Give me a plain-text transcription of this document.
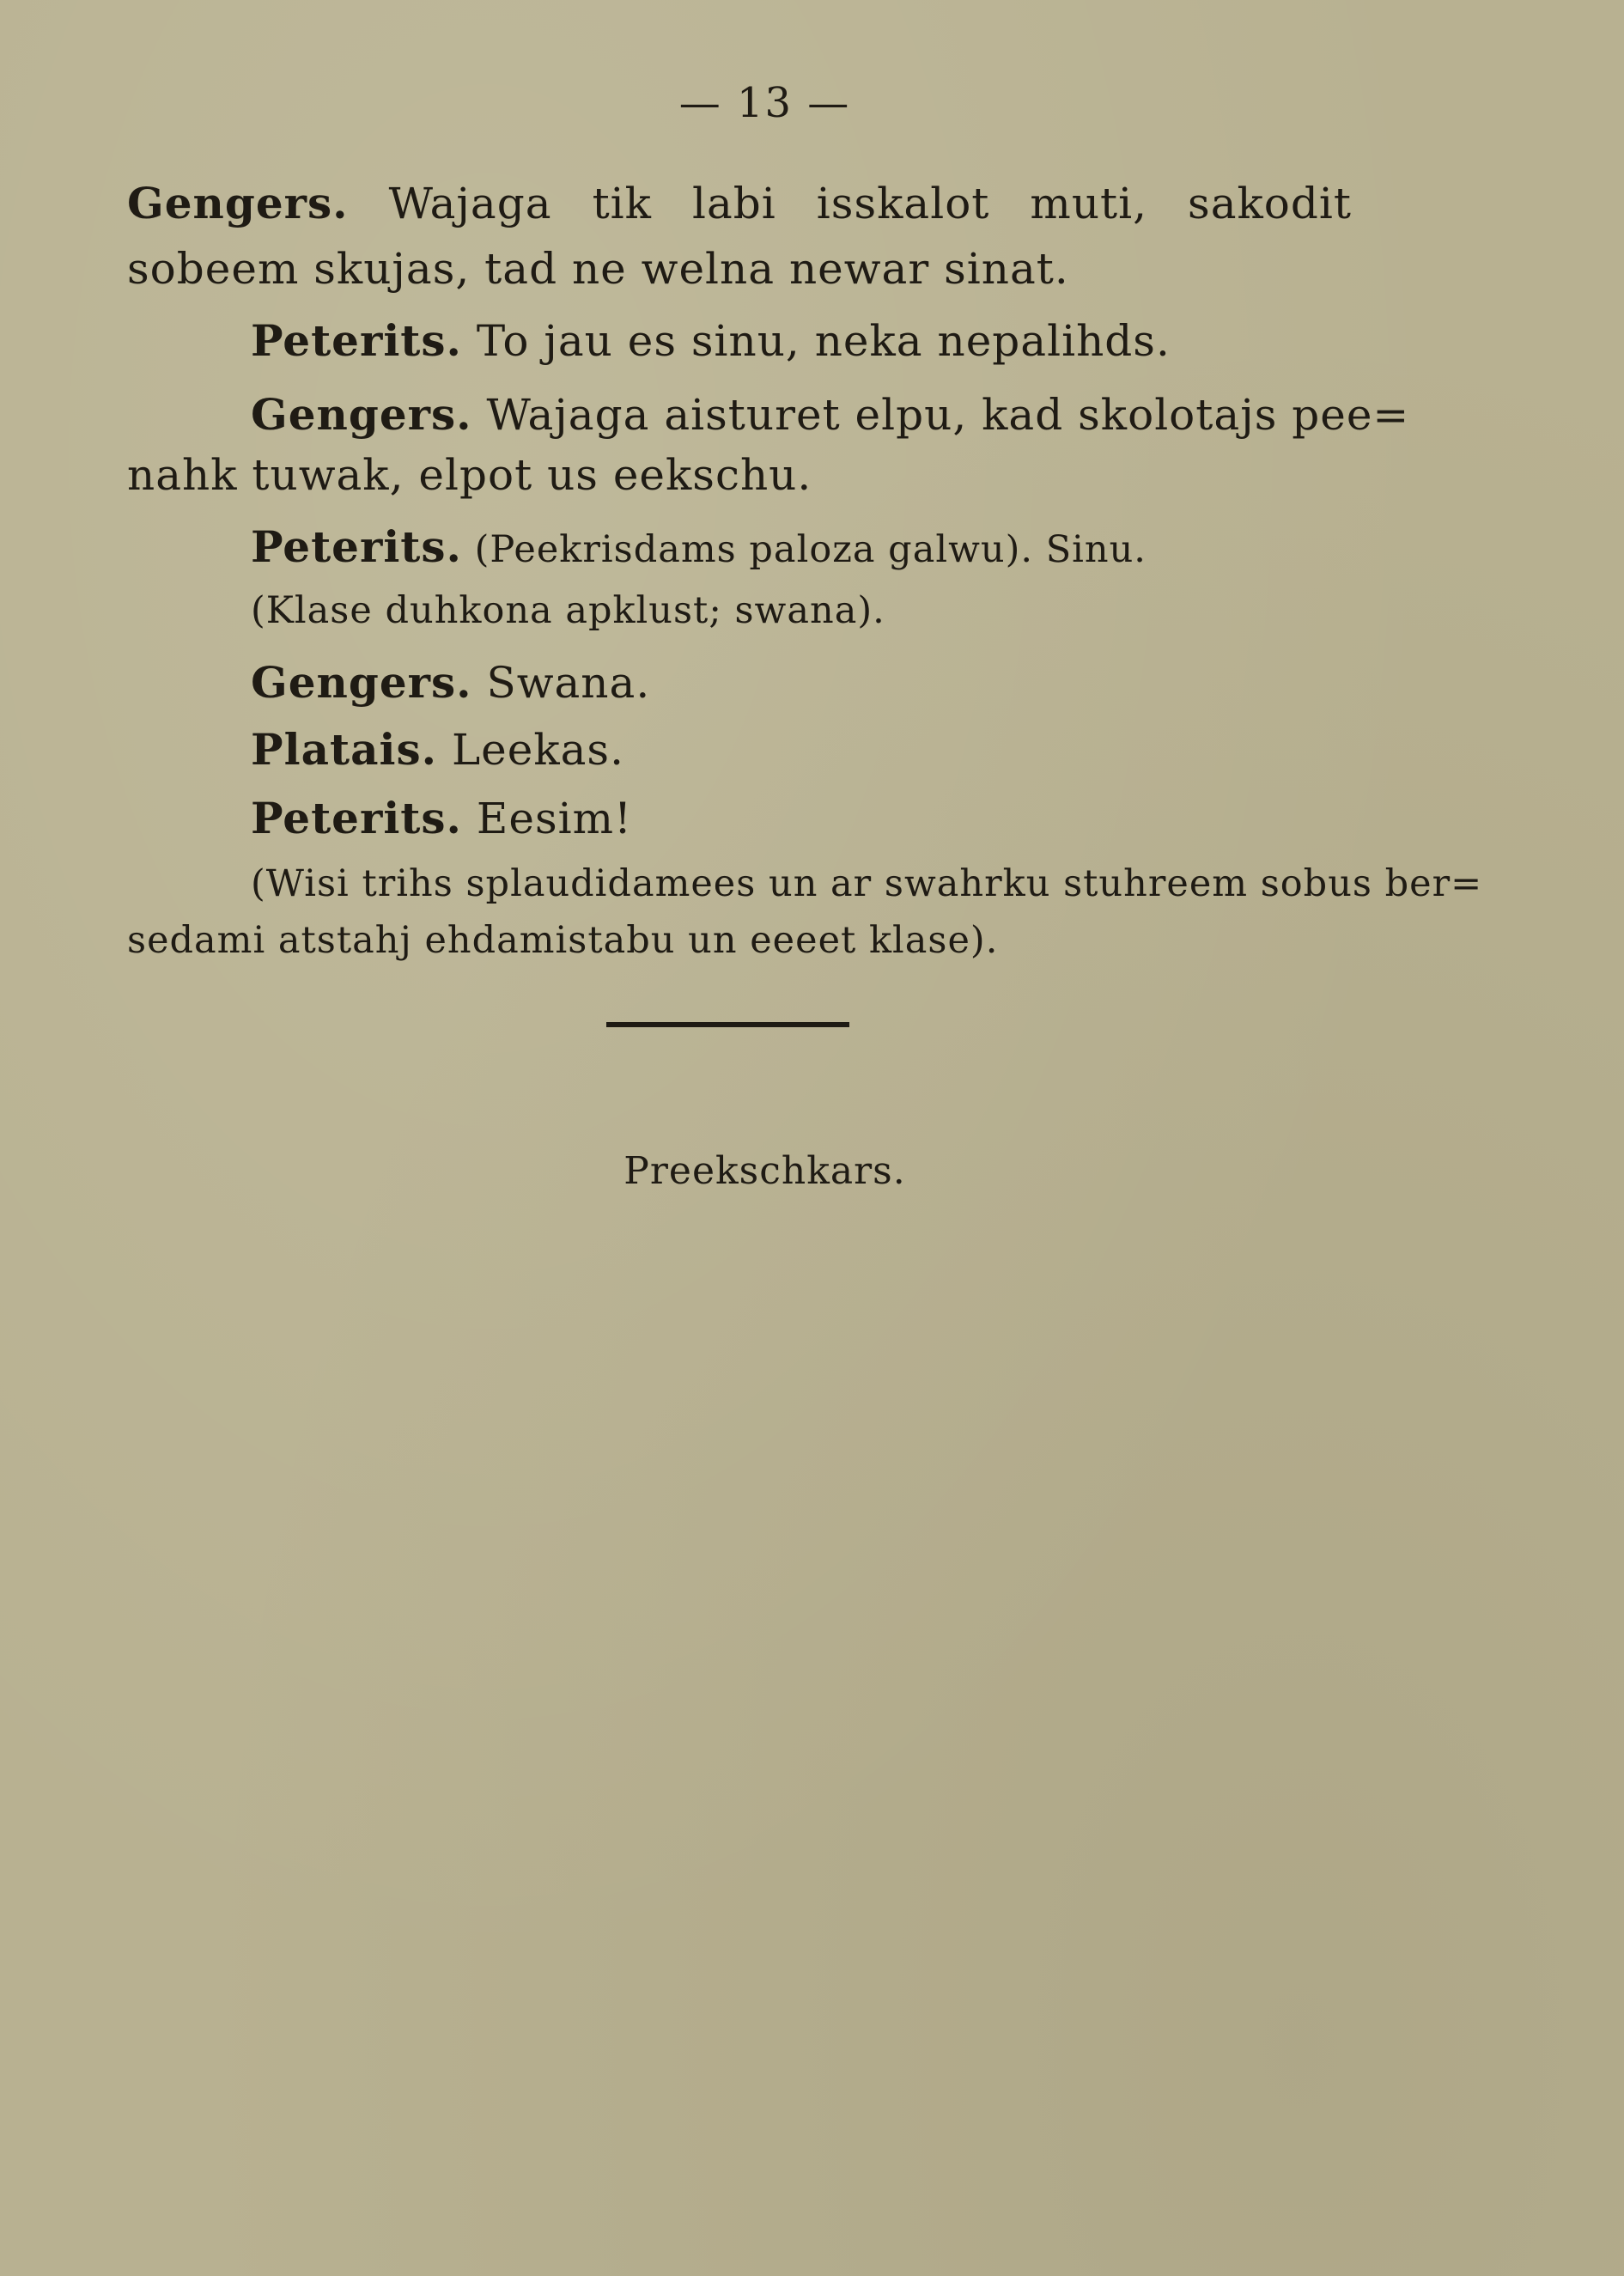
— 13 —
Gengers. Wajaga tik labi isskalot muti, sakodit
sobeem skujas, tad ne welna newar sinat.
Peterits. To jau es sinu, neka nepalihds.
Gengers. Wajaga aisturet elpu, kad skolotajs pee=
nahk tuwak, elpot us eekschu.
Peterits. (Peekrisdams paloza galwu). Sinu.
(Klase duhkona apklust; swana).
Gengers. Swana.
Platais. Leekas.
Peterits. Eesim!
(Wisi trihs splaudidamees un ar swahrku stuhreem sobus ber=
sedami atstahj ehdamistabu un eeeet klase).
Preekschkars.
